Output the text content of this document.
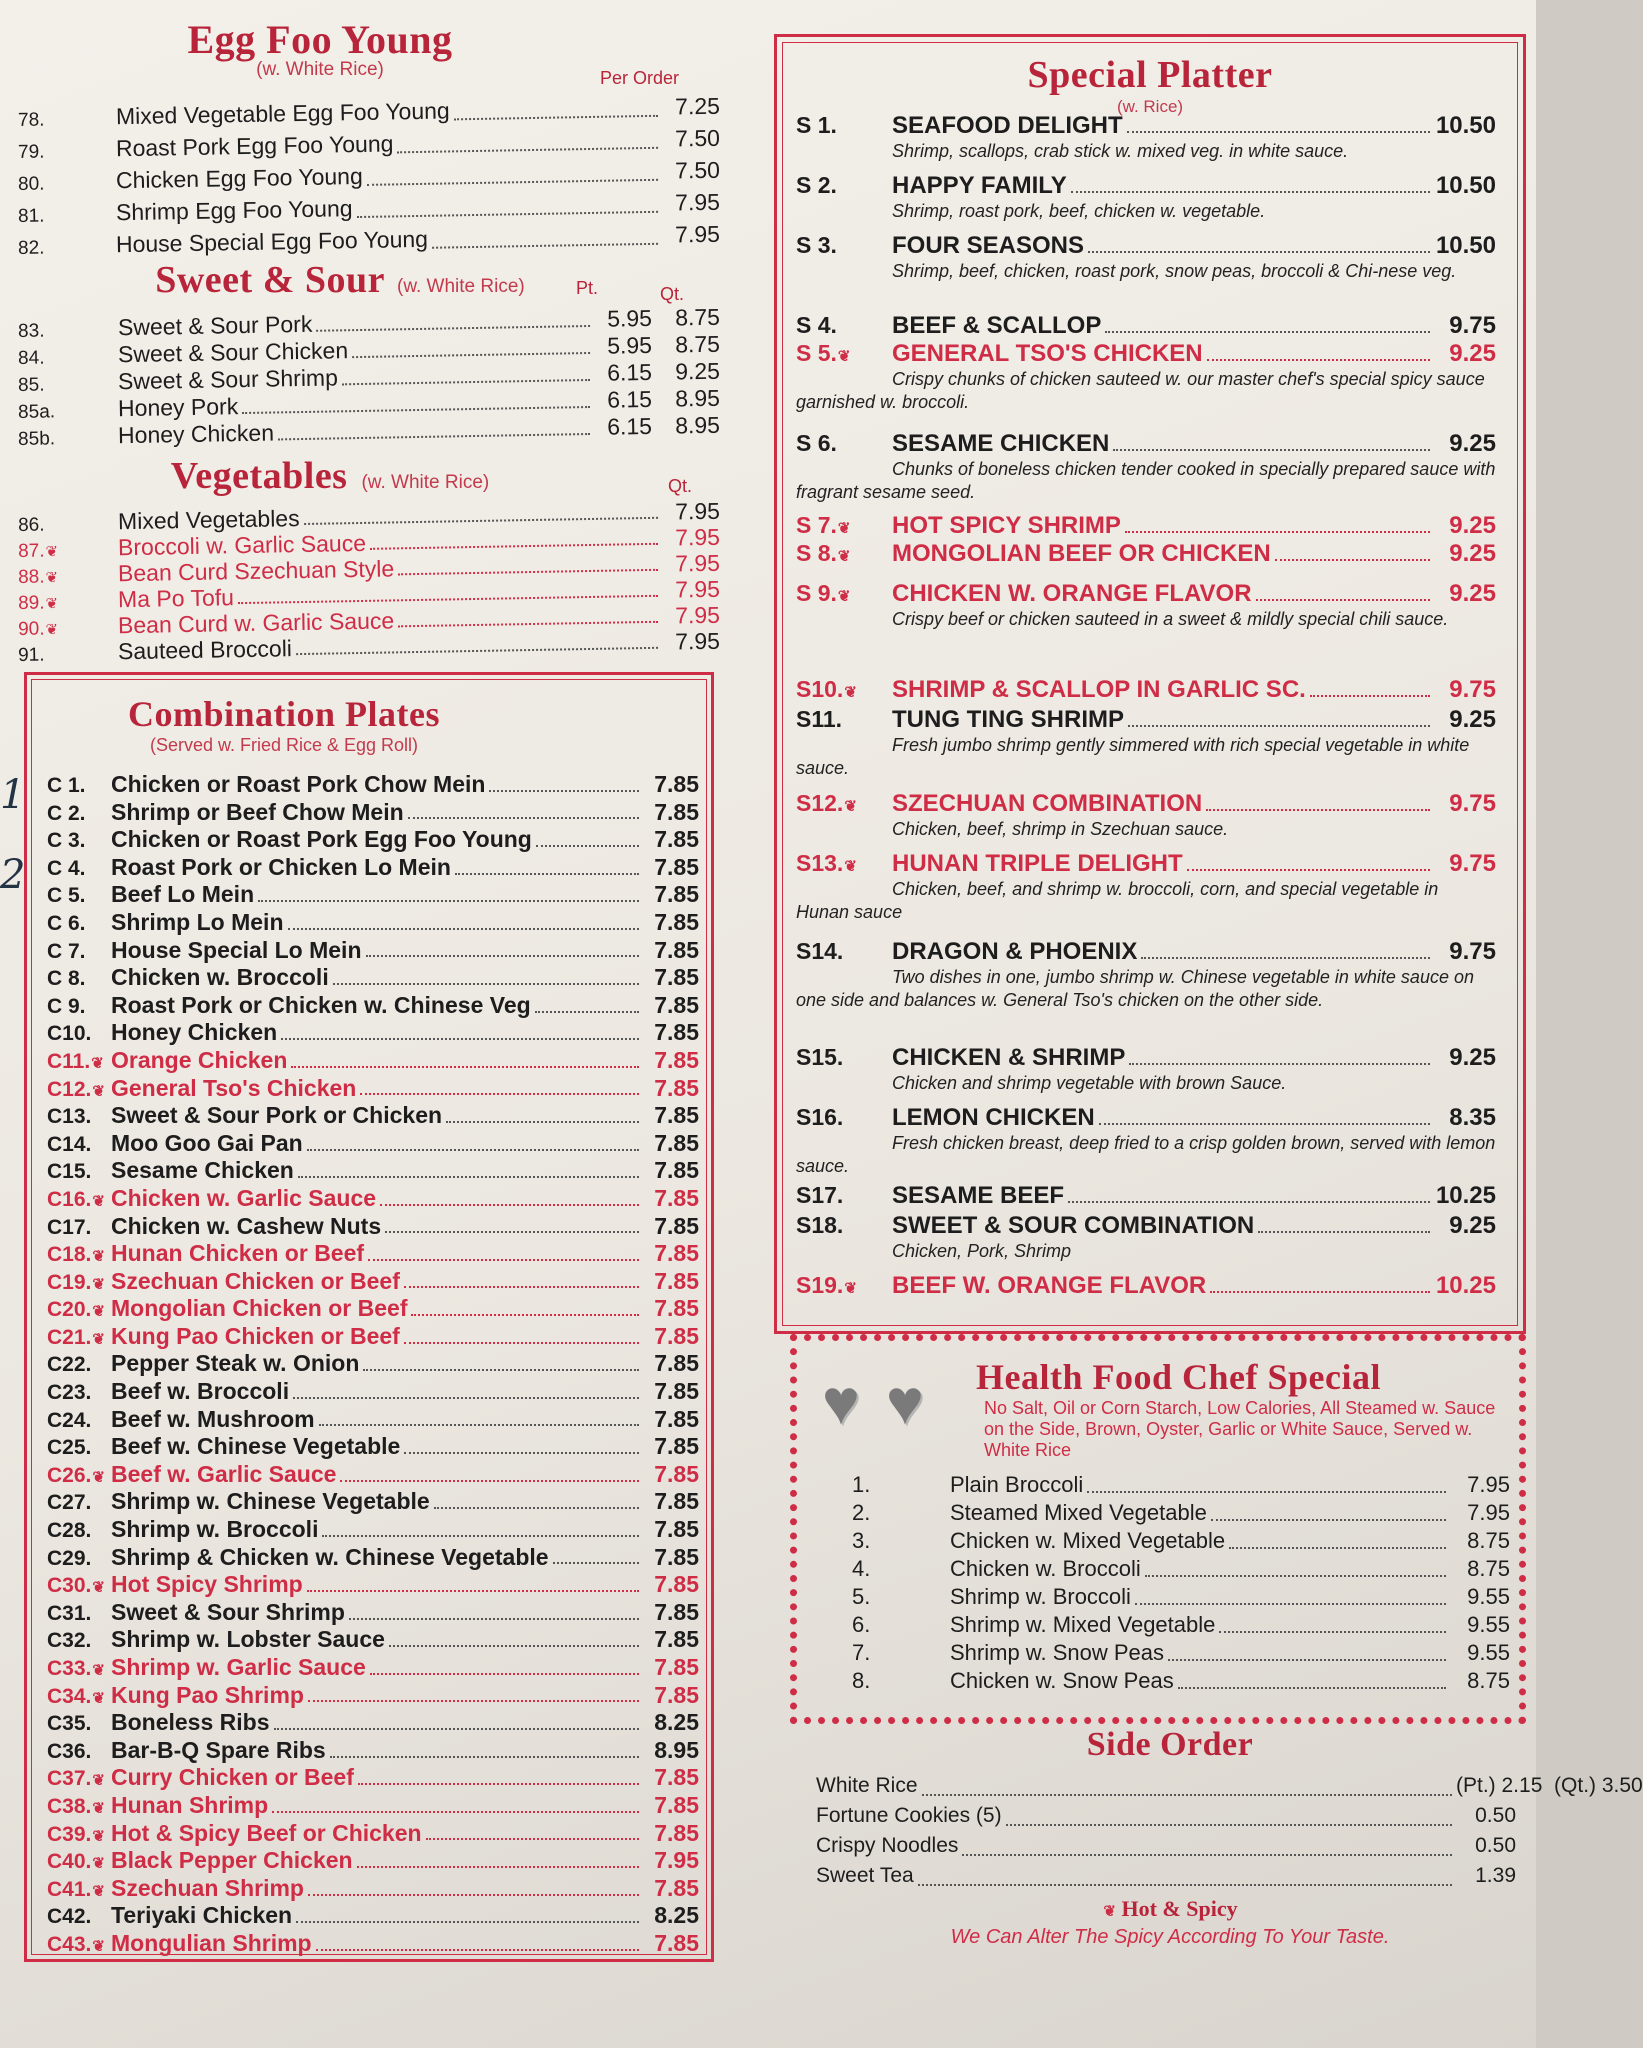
Egg Foo Young
(w. White Rice)	Per Order
78.	Mixed Vegetable Egg Foo Young	7.25
79.	Roast Pork Egg Foo Young	7.50
80.	Chicken Egg Foo Young	7.50
81.	Shrimp Egg Foo Young	7.95
82.	House Special Egg Foo Young	7.95
Sweet & Sour (w. White Rice)	Pt.	Qt.
83.	Sweet & Sour Pork	5.95 8.75
84.	Sweet & Sour Chicken	5.95 8.75
85.	Sweet & Sour Shrimp	6.15 9.25
85a.	Honey Pork	6.15 8.95
85b.	Honey Chicken	6.15 8.95
Vegetables (w. White Rice)	Qt.
86.	Mixed Vegetables	7.95
87.❦	Broccoli w. Garlic Sauce	7.95
88.❦	Bean Curd Szechuan Style	7.95
89.❦	Ma Po Tofu	7.95
90.❦	Bean Curd w. Garlic Sauce	7.95
91.	Sauteed Broccoli	7.95
Combination Plates
(Served w. Fried Rice & Egg Roll)
C 1.	Chicken or Roast Pork Chow Mein	7.85
C 2.	Shrimp or Beef Chow Mein	7.85
C 3.	Chicken or Roast Pork Egg Foo Young	7.85
C 4.	Roast Pork or Chicken Lo Mein	7.85
C 5.	Beef Lo Mein	7.85
C 6.	Shrimp Lo Mein	7.85
C 7.	House Special Lo Mein	7.85
C 8.	Chicken w. Broccoli	7.85
C 9.	Roast Pork or Chicken w. Chinese Veg	7.85
C10. Honey Chicken	7.85
C11.❦ Orange Chicken	7.85
C12.❦ General Tso's Chicken	7.85
C13. Sweet & Sour Pork or Chicken	7.85
C14. Moo Goo Gai Pan	7.85
C15. Sesame Chicken	7.85
C16.❦ Chicken w. Garlic Sauce	7.85
C17. Chicken w. Cashew Nuts	7.85
C18.❦ Hunan Chicken or Beef	7.85
C19.❦ Szechuan Chicken or Beef	7.85
C20.❦ Mongolian Chicken or Beef	7.85
C21.❦ Kung Pao Chicken or Beef	7.85
C22. Pepper Steak w. Onion	7.85
C23. Beef w. Broccoli	7.85
C24. Beef w. Mushroom	7.85
C25. Beef w. Chinese Vegetable	7.85
C26.❦ Beef w. Garlic Sauce	7.85
C27. Shrimp w. Chinese Vegetable	7.85
C28. Shrimp w. Broccoli	7.85
C29. Shrimp & Chicken w. Chinese Vegetable	7.85
C30.❦ Hot Spicy Shrimp	7.85
C31. Sweet & Sour Shrimp	7.85
C32. Shrimp w. Lobster Sauce	7.85
C33.❦ Shrimp w. Garlic Sauce	7.85
C34.❦ Kung Pao Shrimp	7.85
C35. Boneless Ribs	8.25
C36. Bar-B-Q Spare Ribs	8.95
C37.❦ Curry Chicken or Beef	7.85
C38.❦ Hunan Shrimp	7.85
C39.❦ Hot & Spicy Beef or Chicken	7.85
C40.❦ Black Pepper Chicken	7.95
C41.❦ Szechuan Shrimp	7.85
C42. Teriyaki Chicken	8.25
C43.❦ Mongulian Shrimp	7.85
1
2
Special Platter
(w. Rice)
S 1.	SEAFOOD DELIGHT	10.50
Shrimp, scallops, crab stick w. mixed veg. in white sauce.
S 2.	HAPPY FAMILY	10.50
Shrimp, roast pork, beef, chicken w. vegetable.
S 3.	FOUR SEASONS	10.50
Shrimp, beef, chicken, roast pork, snow peas, broccoli & Chi-nese veg.
S 4.	BEEF & SCALLOP	9.75
S 5.❦	GENERAL TSO'S CHICKEN	9.25
Crispy chunks of chicken sauteed w. our master chef's special spicy sauce garnished w. broccoli.
S 6.	SESAME CHICKEN	9.25
Chunks of boneless chicken tender cooked in specially prepared sauce with fragrant sesame seed.
S 7.❦	HOT SPICY SHRIMP	9.25
S 8.❦	MONGOLIAN BEEF OR CHICKEN	9.25
S 9.❦	CHICKEN W. ORANGE FLAVOR	9.25
Crispy beef or chicken sauteed in a sweet & mildly special chili sauce.
S10.❦	SHRIMP & SCALLOP IN GARLIC SC.	9.75
S11.	TUNG TING SHRIMP	9.25
Fresh jumbo shrimp gently simmered with rich special vegetable in white sauce.
S12.❦	SZECHUAN COMBINATION	9.75
Chicken, beef, shrimp in Szechuan sauce.
S13.❦	HUNAN TRIPLE DELIGHT	9.75
Chicken, beef, and shrimp w. broccoli, corn, and special vegetable in Hunan sauce
S14.	DRAGON & PHOENIX	9.75
Two dishes in one, jumbo shrimp w. Chinese vegetable in white sauce on one side and balances w. General Tso's chicken on the other side.
S15.	CHICKEN & SHRIMP	9.25
Chicken and shrimp vegetable with brown Sauce.
S16.	LEMON CHICKEN	8.35
Fresh chicken breast, deep fried to a crisp golden brown, served with lemon sauce.
S17.	SESAME BEEF	10.25
S18.	SWEET & SOUR COMBINATION	9.25
Chicken, Pork, Shrimp
S19.❦	BEEF W. ORANGE FLAVOR	10.25
♥ ♥ Health Food Chef Special
No Salt, Oil or Corn Starch, Low Calories, All Steamed w. Sauce on the Side, Brown, Oyster, Garlic or White Sauce, Served w. White Rice
1.	Plain Broccoli	7.95
2.	Steamed Mixed Vegetable	7.95
3.	Chicken w. Mixed Vegetable	8.75
4.	Chicken w. Broccoli	8.75
5.	Shrimp w. Broccoli	9.55
6.	Shrimp w. Mixed Vegetable	9.55
7.	Shrimp w. Snow Peas	9.55
8.	Chicken w. Snow Peas	8.75
Side Order
White Rice	(Pt.) 2.15  (Qt.) 3.50
Fortune Cookies (5)	0.50
Crispy Noodles	0.50
Sweet Tea	1.39
❦ Hot & Spicy
We Can Alter The Spicy According To Your Taste.
